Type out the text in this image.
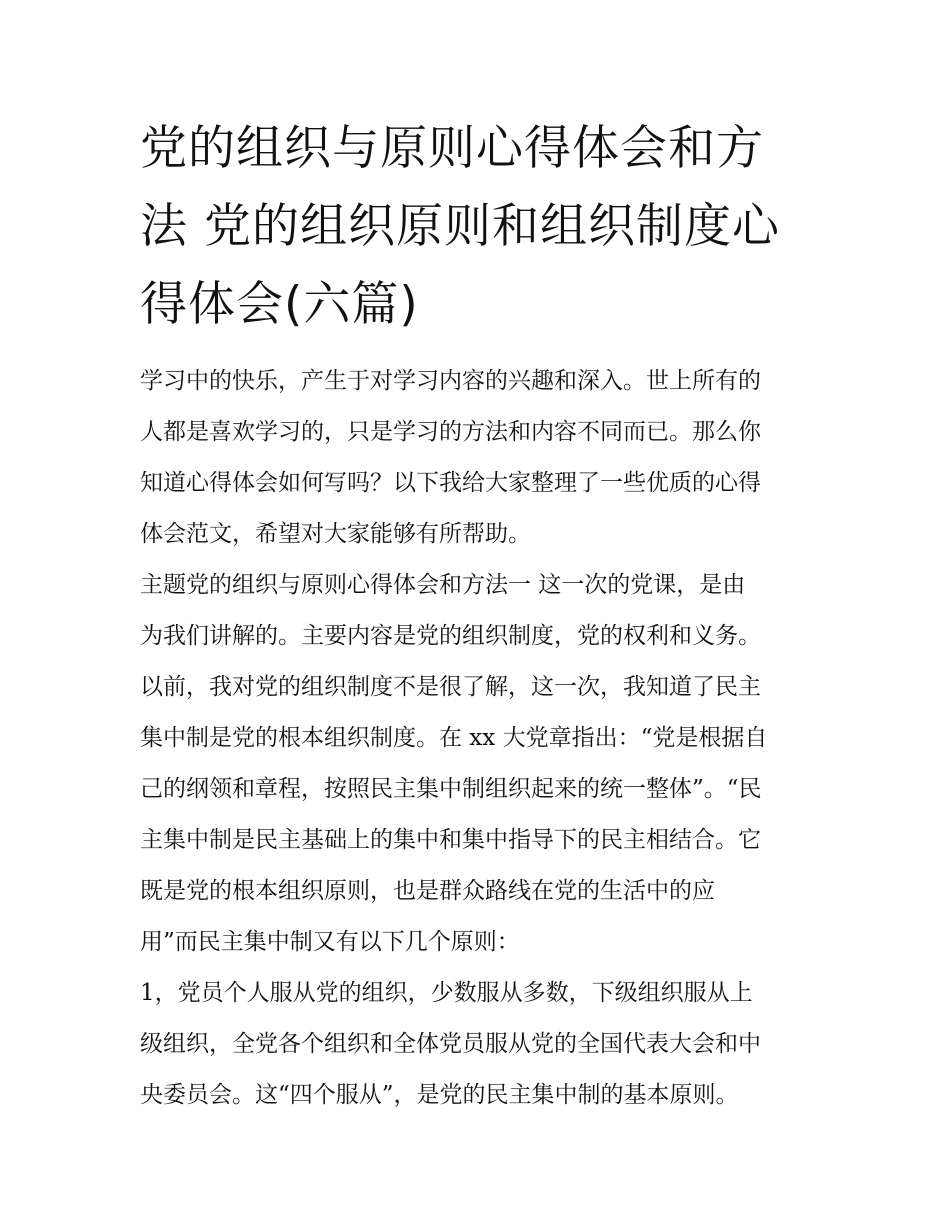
党的组织与原则心得体会和方
法 党的组织原则和组织制度心
得体会(六篇)

学习中的快乐，产生于对学习内容的兴趣和深入。世上所有的
人都是喜欢学习的，只是学习的方法和内容不同而已。那么你
知道心得体会如何写吗？以下我给大家整理了一些优质的心得
体会范文，希望对大家能够有所帮助。

主题党的组织与原则心得体会和方法一 这一次的党课，是由
为我们讲解的。主要内容是党的组织制度，党的权利和义务。
以前，我对党的组织制度不是很了解，这一次，我知道了民主
集中制是党的根本组织制度。在 xx 大党章指出：“党是根据自
己的纲领和章程，按照民主集中制组织起来的统一整体”。“民
主集中制是民主基础上的集中和集中指导下的民主相结合。它
既是党的根本组织原则，也是群众路线在党的生活中的应
用”而民主集中制又有以下几个原则：

1，党员个人服从党的组织，少数服从多数，下级组织服从上
级组织，全党各个组织和全体党员服从党的全国代表大会和中
央委员会。这“四个服从”，是党的民主集中制的基本原则。
